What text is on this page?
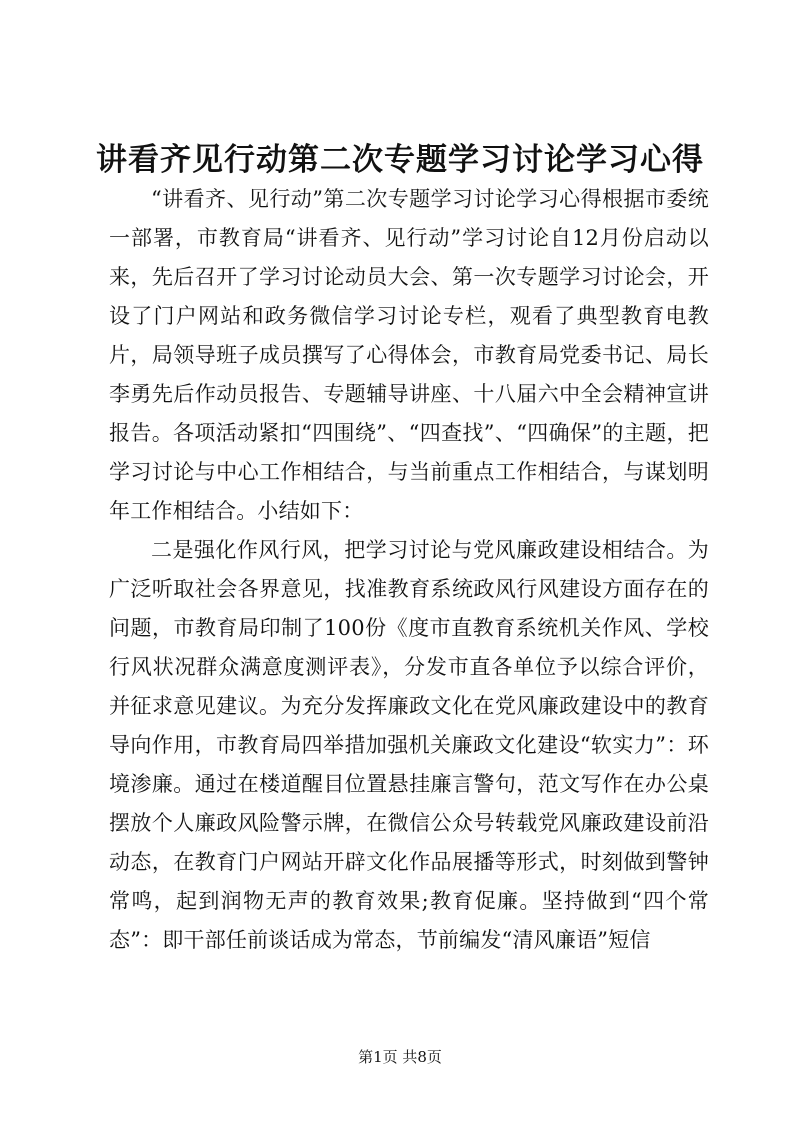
讲看齐见行动第二次专题学习讨论学习心得

“讲看齐、见行动”第二次专题学习讨论学习心得根据市委统一部署，市教育局“讲看齐、见行动”学习讨论自12月份启动以来，先后召开了学习讨论动员大会、第一次专题学习讨论会，开设了门户网站和政务微信学习讨论专栏，观看了典型教育电教片，局领导班子成员撰写了心得体会，市教育局党委书记、局长李勇先后作动员报告、专题辅导讲座、十八届六中全会精神宣讲报告。各项活动紧扣“四围绕”、“四查找”、“四确保”的主题，把学习讨论与中心工作相结合，与当前重点工作相结合，与谋划明年工作相结合。小结如下：

二是强化作风行风，把学习讨论与党风廉政建设相结合。为广泛听取社会各界意见，找准教育系统政风行风建设方面存在的问题，市教育局印制了100份《度市直教育系统机关作风、学校行风状况群众满意度测评表》，分发市直各单位予以综合评价，并征求意见建议。为充分发挥廉政文化在党风廉政建设中的教育导向作用，市教育局四举措加强机关廉政文化建设“软实力”：环境渗廉。通过在楼道醒目位置悬挂廉言警句，范文写作在办公桌摆放个人廉政风险警示牌，在微信公众号转载党风廉政建设前沿动态，在教育门户网站开辟文化作品展播等形式，时刻做到警钟常鸣，起到润物无声的教育效果;教育促廉。坚持做到“四个常态”：即干部任前谈话成为常态，节前编发“清风廉语”短信

第1页 共8页
